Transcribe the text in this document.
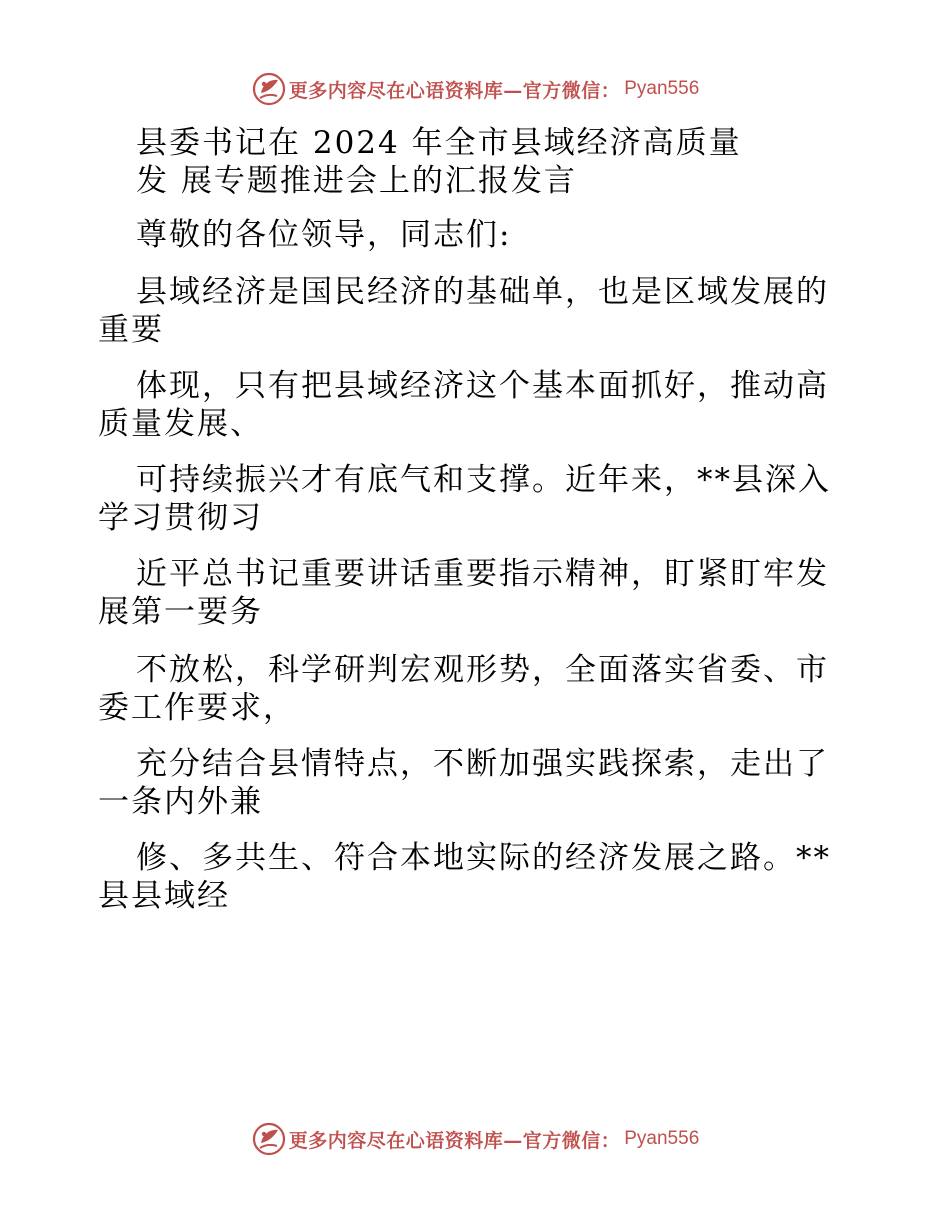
更多内容尽在心语资料库—官方微信： Pyan556
县委书记在 2024 年全市县域经济高质量
发 展专题推进会上的汇报发言
尊敬的各位领导，同志们:
县域经济是国民经济的基础单，也是区域发展的
重要
体现，只有把县域经济这个基本面抓好，推动高
质量发展、
可持续振兴才有底气和支撑。近年来，**县深入
学习贯彻习
近平总书记重要讲话重要指示精神，盯紧盯牢发
展第一要务
不放松，科学研判宏观形势，全面落实省委、市
委工作要求，
充分结合县情特点，不断加强实践探索，走出了
一条内外兼
修、多共生、符合本地实际的经济发展之路。**
县县域经
更多内容尽在心语资料库—官方微信： Pyan556
